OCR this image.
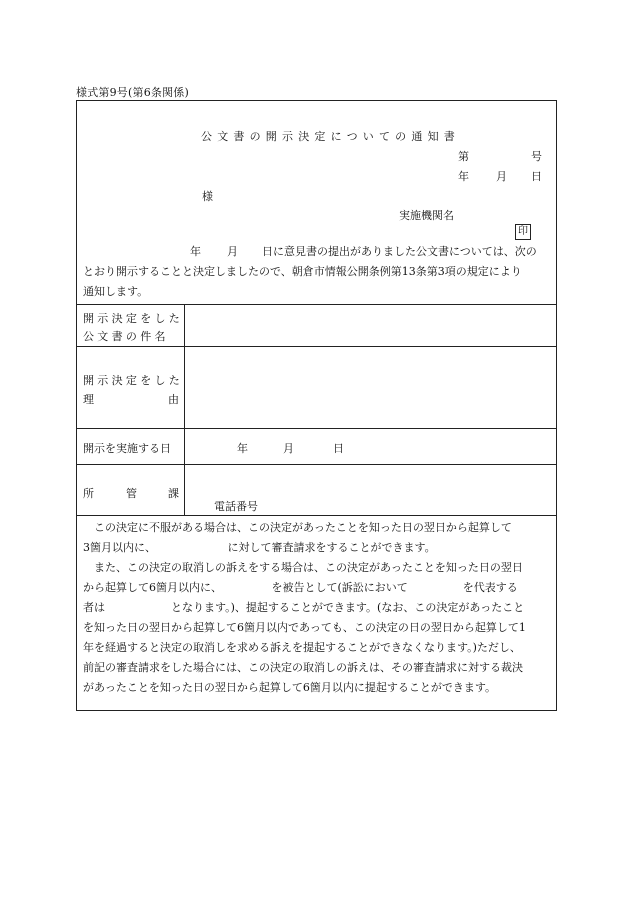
様式第9号(第6条関係)
公文書の開示決定についての通知書
第	号
年 月 日
様
実施機関名
印
年 月 日に意見書の提出がありました公文書については、次の
とおり開示することと決定しましたので、朝倉市情報公開条例第13条第3項の規定により
通知します。
開示決定をした
公文書の件名
開示決定をした
理	由
開示を実施する日	年	月	日
所	管	課
電話番号
この決定に不服がある場合は、この決定があったことを知った日の翌日から起算して
3箇月以内に、　　　　　　　に対して審査請求をすることができます。
また、この決定の取消しの訴えをする場合は、この決定があったことを知った日の翌日
から起算して6箇月以内に、　　　　　を被告として(訴訟において　　　　　を代表する
者は　　　　　　となります。)、提起することができます。(なお、この決定があったこと
を知った日の翌日から起算して6箇月以内であっても、この決定の日の翌日から起算して1
年を経過すると決定の取消しを求める訴えを提起することができなくなります。)ただし、
前記の審査請求をした場合には、この決定の取消しの訴えは、その審査請求に対する裁決
があったことを知った日の翌日から起算して6箇月以内に提起することができます。
